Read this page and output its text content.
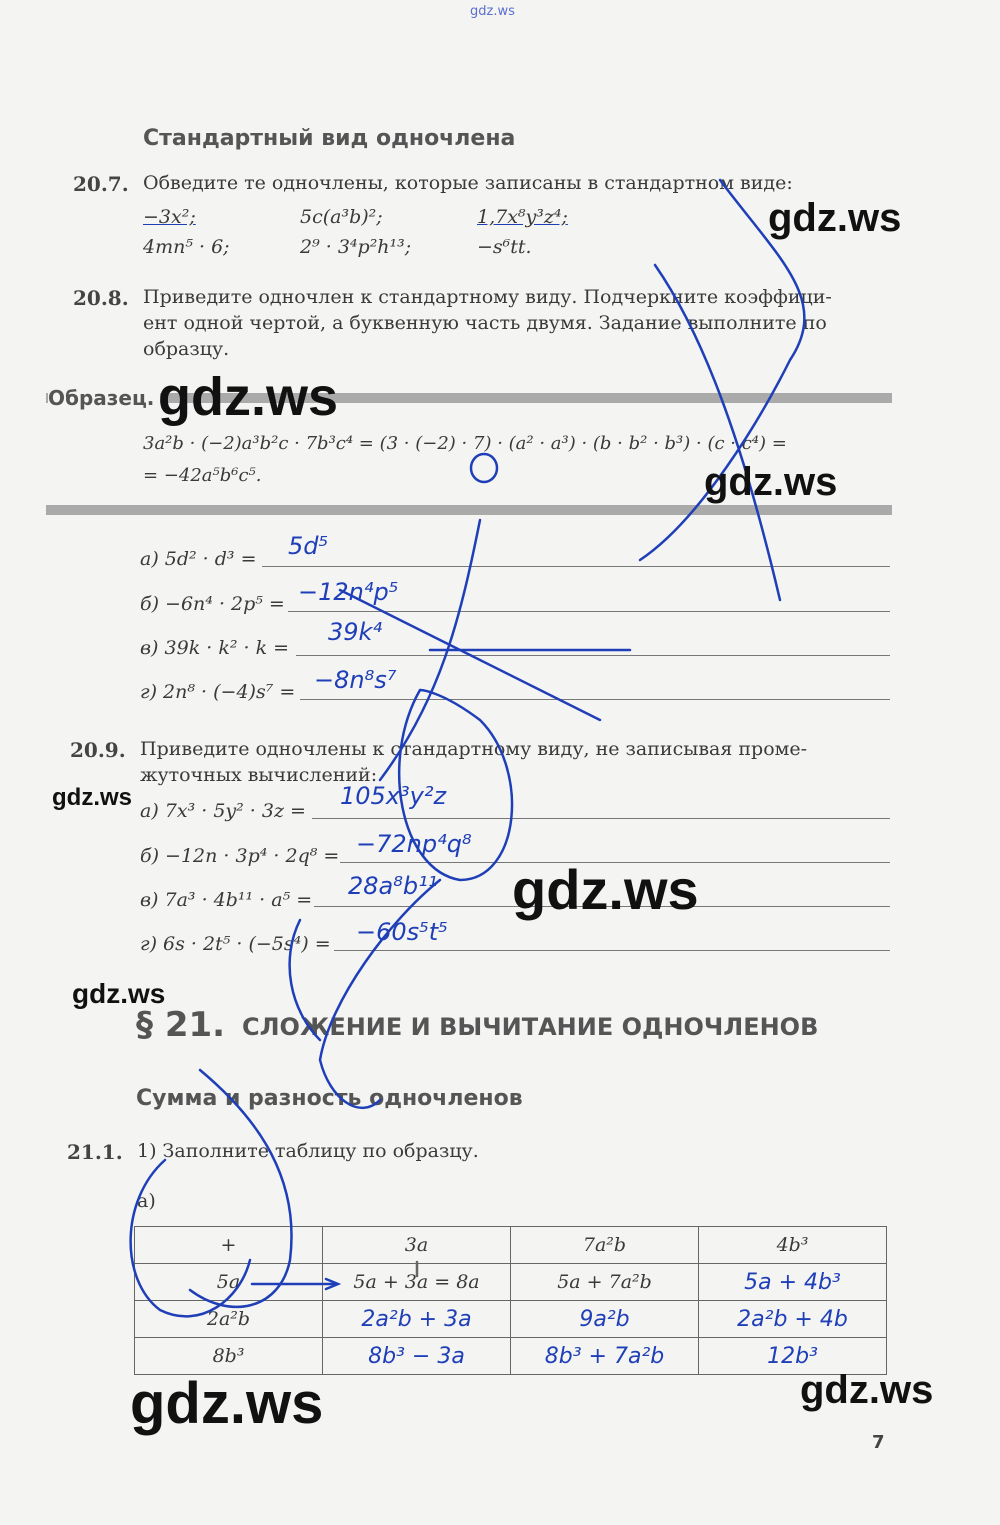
gdz.ws
Стандартный вид одночлена
20.7. Обведите те одночлены, которые записаны в стандартном виде:
−3x²;	5c(a³b)²;	1,7x⁸y³z⁴;
4mn⁵ · 6;	2⁹ · 3⁴p²h¹³;	−s⁶tt.
20.8. Приведите одночлен к стандартному виду. Подчеркните коэффици-
ент одной чертой, а буквенную часть двумя. Задание выполните по
образцу.
Образец.
3a²b · (−2)a³b²c · 7b³c⁴ = (3 · (−2) · 7) · (a² · a³) · (b · b² · b³) · (c · c⁴) =
= −42a⁵b⁶c⁵.
а) 5d² · d³ = 5d⁵
б) −6n⁴ · 2p⁵ = −12n⁴p⁵
в) 39k · k² · k =
39k⁴
г) 2n⁸ · (−4)s⁷ = −8n⁸s⁷
20.9. Приведите одночлены к стандартному виду, не записывая проме-
жуточных вычислений:
а) 7x³ · 5y² · 3z =
105x³y²z
б) −12n · 3p⁴ · 2q⁸ = −72np⁴q⁸
в) 7a³ · 4b¹¹ · a⁵ = 28a⁸b¹¹
г) 6s · 2t⁵ · (−5s⁴) = −60s⁵t⁵
§ 21. СЛОЖЕНИЕ И ВЫЧИТАНИЕ ОДНОЧЛЕНОВ
Сумма и разность одночленов
21.1. 1) Заполните таблицу по образцу.
а)
+	3a	7a²b	4b³
5a	5a + 3a = 8a	5a + 7a²b	5a + 4b³
2a²b	2a²b + 3a	9a²b	2a²b + 4b
8b³	8b³ − 3a	8b³ + 7a²b	12b³
gdz.ws
gdz.ws
gdz.ws
gdz.ws
gdz.ws
gdz.ws
gdz.ws	gdz.ws
7
